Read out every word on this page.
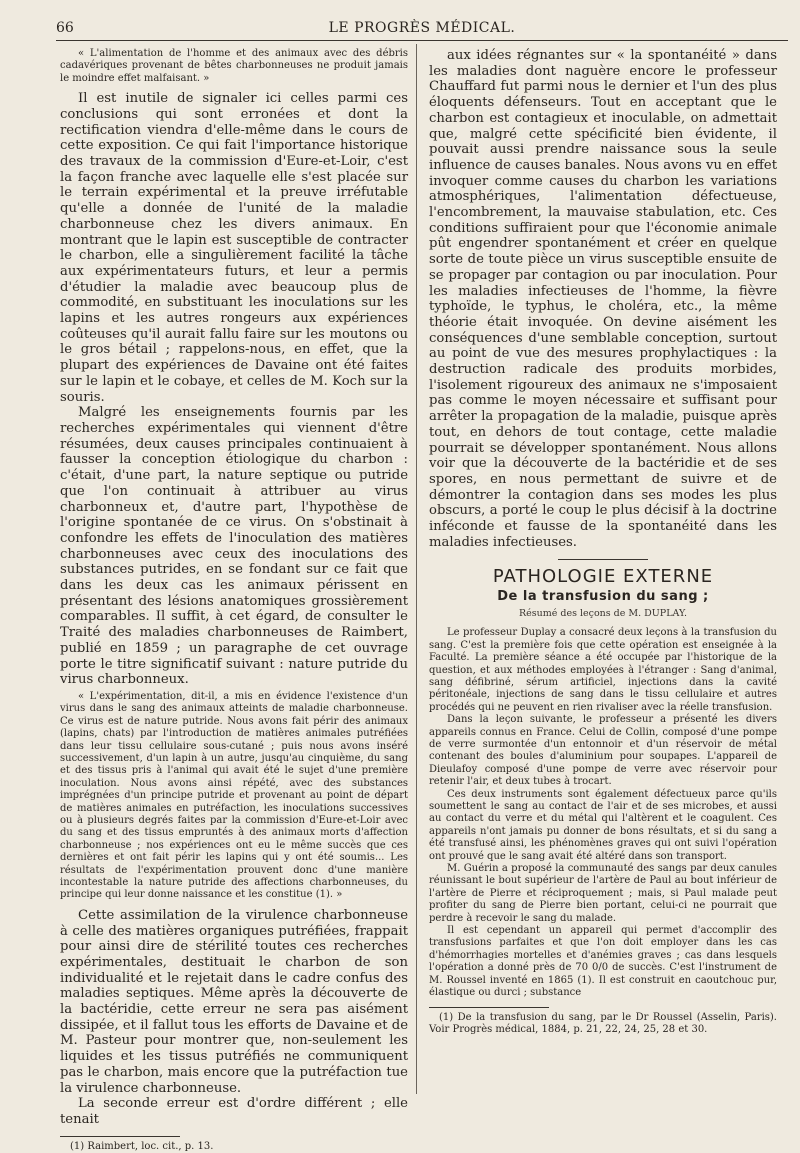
66	LE PROGRÈS MÉDICAL.

« L'alimentation de l'homme et des animaux avec des débris cadavériques provenant de bêtes charbonneuses ne produit jamais le moindre effet malfaisant. »

Il est inutile de signaler ici celles parmi ces conclusions qui sont erronées et dont la rectification viendra d'elle-même dans le cours de cette exposition. Ce qui fait l'importance historique des travaux de la commission d'Eure-et-Loir, c'est la façon franche avec laquelle elle s'est placée sur le terrain expérimental et la preuve irréfutable qu'elle a donnée de l'unité de la maladie charbonneuse chez les divers animaux. En montrant que le lapin est susceptible de contracter le charbon, elle a singulièrement facilité la tâche aux expérimentateurs futurs, et leur a permis d'étudier la maladie avec beaucoup plus de commodité, en substituant les inoculations sur les lapins et les autres rongeurs aux expériences coûteuses qu'il aurait fallu faire sur les moutons ou le gros bétail ; rappelons-nous, en effet, que la plupart des expériences de Davaine ont été faites sur le lapin et le cobaye, et celles de M. Koch sur la souris.

Malgré les enseignements fournis par les recherches expérimentales qui viennent d'être résumées, deux causes principales continuaient à fausser la conception étiologique du charbon : c'était, d'une part, la nature septique ou putride que l'on continuait à attribuer au virus charbonneux et, d'autre part, l'hypothèse de l'origine spontanée de ce virus. On s'obstinait à confondre les effets de l'inoculation des matières charbonneuses avec ceux des inoculations des substances putrides, en se fondant sur ce fait que dans les deux cas les animaux périssent en présentant des lésions anatomiques grossièrement comparables. Il suffit, à cet égard, de consulter le Traité des maladies charbonneuses de Raimbert, publié en 1859 ; un paragraphe de cet ouvrage porte le titre significatif suivant : nature putride du virus charbonneux.

« L'expérimentation, dit-il, a mis en évidence l'existence d'un virus dans le sang des animaux atteints de maladie charbonneuse. Ce virus est de nature putride. Nous avons fait périr des animaux (lapins, chats) par l'introduction de matières animales putréfiées dans leur tissu cellulaire sous-cutané ; puis nous avons inséré successivement, d'un lapin à un autre, jusqu'au cinquième, du sang et des tissus pris à l'animal qui avait été le sujet d'une première inoculation. Nous avons ainsi répété, avec des substances imprégnées d'un principe putride et provenant au point de départ de matières animales en putréfaction, les inoculations successives ou à plusieurs degrés faites par la commission d'Eure-et-Loir avec du sang et des tissus empruntés à des animaux morts d'affection charbonneuse ; nos expériences ont eu le même succès que ces dernières et ont fait périr les lapins qui y ont été soumis... Les résultats de l'expérimentation prouvent donc d'une manière incontestable la nature putride des affections charbonneuses, du principe qui leur donne naissance et les constitue (1). »

Cette assimilation de la virulence charbonneuse à celle des matières organiques putréfiées, frappait pour ainsi dire de stérilité toutes ces recherches expérimentales, destituait le charbon de son individualité et le rejetait dans le cadre confus des maladies septiques. Même après la découverte de la bactéridie, cette erreur ne sera pas aisément dissipée, et il fallut tous les efforts de Davaine et de M. Pasteur pour montrer que, non-seulement les liquides et les tissus putréfiés ne communiquent pas le charbon, mais encore que la putréfaction tue la virulence charbonneuse.

La seconde erreur est d'ordre différent ; elle tenait

(1) Raimbert, loc. cit., p. 13.

aux idées régnantes sur « la spontanéité » dans les maladies dont naguère encore le professeur Chauffard fut parmi nous le dernier et l'un des plus éloquents défenseurs. Tout en acceptant que le charbon est contagieux et inoculable, on admettait que, malgré cette spécificité bien évidente, il pouvait aussi prendre naissance sous la seule influence de causes banales. Nous avons vu en effet invoquer comme causes du charbon les variations atmosphériques, l'alimentation défectueuse, l'encombrement, la mauvaise stabulation, etc. Ces conditions suffiraient pour que l'économie animale pût engendrer spontanément et créer en quelque sorte de toute pièce un virus susceptible ensuite de se propager par contagion ou par inoculation. Pour les maladies infectieuses de l'homme, la fièvre typhoïde, le typhus, le choléra, etc., la même théorie était invoquée. On devine aisément les conséquences d'une semblable conception, surtout au point de vue des mesures prophylactiques : la destruction radicale des produits morbides, l'isolement rigoureux des animaux ne s'imposaient pas comme le moyen nécessaire et suffisant pour arrêter la propagation de la maladie, puisque après tout, en dehors de tout contage, cette maladie pourrait se développer spontanément. Nous allons voir que la découverte de la bactéridie et de ses spores, en nous permettant de suivre et de démontrer la contagion dans ses modes les plus obscurs, a porté le coup le plus décisif à la doctrine inféconde et fausse de la spontanéité dans les maladies infectieuses.

PATHOLOGIE EXTERNE

De la transfusion du sang ;

Résumé des leçons de M. DUPLAY.

Le professeur Duplay a consacré deux leçons à la transfusion du sang. C'est la première fois que cette opération est enseignée à la Faculté. La première séance a été occupée par l'historique de la question, et aux méthodes employées à l'étranger : Sang d'animal, sang défibriné, sérum artificiel, injections dans la cavité péritonéale, injections de sang dans le tissu cellulaire et autres procédés qui ne peuvent en rien rivaliser avec la réelle transfusion.

Dans la leçon suivante, le professeur a présenté les divers appareils connus en France. Celui de Collin, composé d'une pompe de verre surmontée d'un entonnoir et d'un réservoir de métal contenant des boules d'aluminium pour soupapes. L'appareil de Dieulafoy composé d'une pompe de verre avec réservoir pour retenir l'air, et deux tubes à trocart.

Ces deux instruments sont également défectueux parce qu'ils soumettent le sang au contact de l'air et de ses microbes, et aussi au contact du verre et du métal qui l'altèrent et le coagulent. Ces appareils n'ont jamais pu donner de bons résultats, et si du sang a été transfusé ainsi, les phénomènes graves qui ont suivi l'opération ont prouvé que le sang avait été altéré dans son transport.

M. Guérin a proposé la communauté des sangs par deux canules réunissant le bout supérieur de l'artère de Paul au bout inférieur de l'artère de Pierre et réciproquement ; mais, si Paul malade peut profiter du sang de Pierre bien portant, celui-ci ne pourrait que perdre à recevoir le sang du malade.

Il est cependant un appareil qui permet d'accomplir des transfusions parfaites et que l'on doit employer dans les cas d'hémorrhagies mortelles et d'anémies graves ; cas dans lesquels l'opération a donné près de 70 0/0 de succès. C'est l'instrument de M. Roussel inventé en 1865 (1). Il est construit en caoutchouc pur, élastique ou durci ; substance

(1) De la transfusion du sang, par le Dr Roussel (Asselin, Paris). Voir Progrès médical, 1884, p. 21, 22, 24, 25, 28 et 30.
